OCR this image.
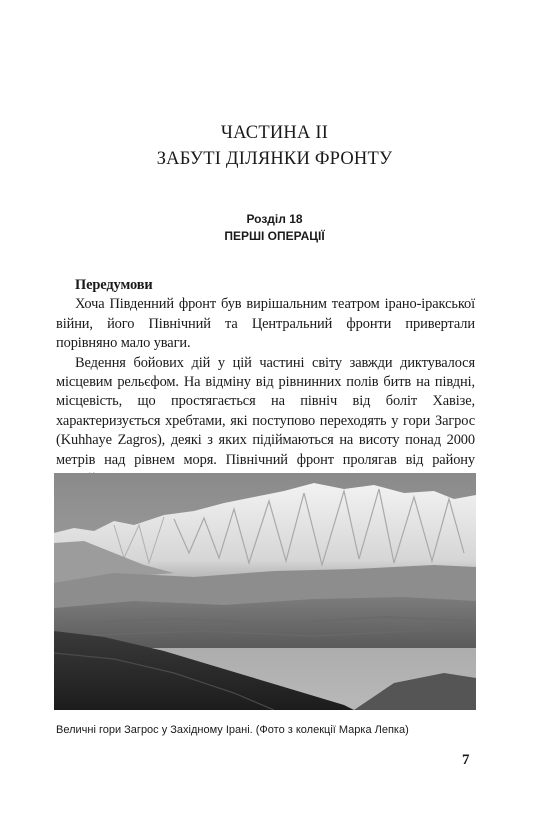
ЧАСТИНА II
ЗАБУТІ ДІЛЯНКИ ФРОНТУ
Розділ 18
ПЕРШІ ОПЕРАЦІЇ

Передумови

Хоча Південний фронт був вирішальним театром ірано-іракської війни, його Північний та Центральний фронти привертали порівняно мало уваги.

Ведення бойових дій у цій частині світу завжди диктувалося місцевим рельєфом. На відміну від рівнинних полів битв на півдні, місцевість, що простягається на північ від боліт Хавізе, характеризується хребтами, які поступово переходять у гори Загрос (Kuhhaye Zagros), деякі з яких підіймаються на висоту понад 2000 метрів над рівнем моря. Північний фронт пролягав від району

Величні гори Загрос у Західному Ірані. (Фото з колекції Марка Лепка)
7
